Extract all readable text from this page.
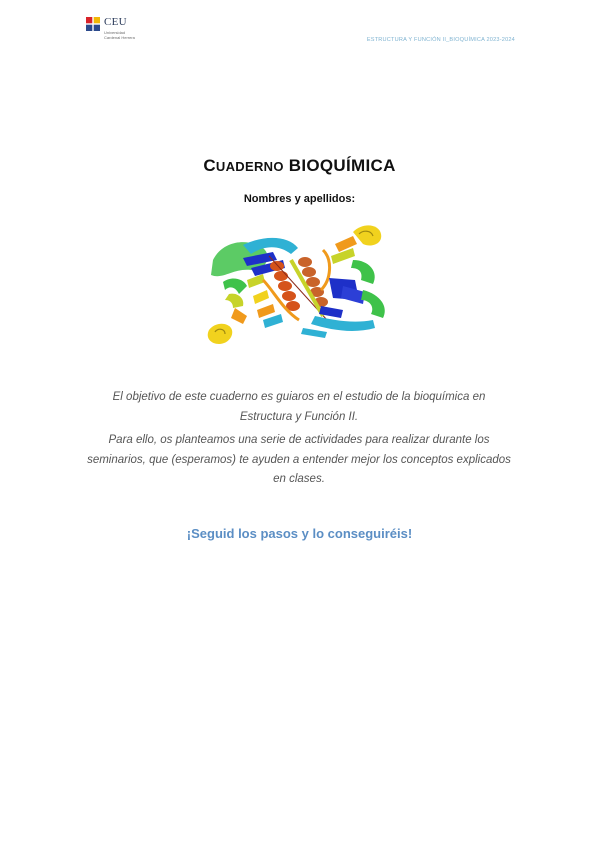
CEU
Universidad
Cardenal Herrera	ESTRUCTURA Y FUNCIÓN II_BIOQUÍMICA 2023-2024
CUADERNO BIOQUÍMICA
Nombres y apellidos:

El objetivo de este cuaderno es guiaros en el estudio de la bioquímica en Estructura y Función II.

Para ello, os planteamos una serie de actividades para realizar durante los seminarios, que (esperamos) te ayuden a entender mejor los conceptos explicados en clases.

¡Seguid los pasos y lo conseguiréis!
